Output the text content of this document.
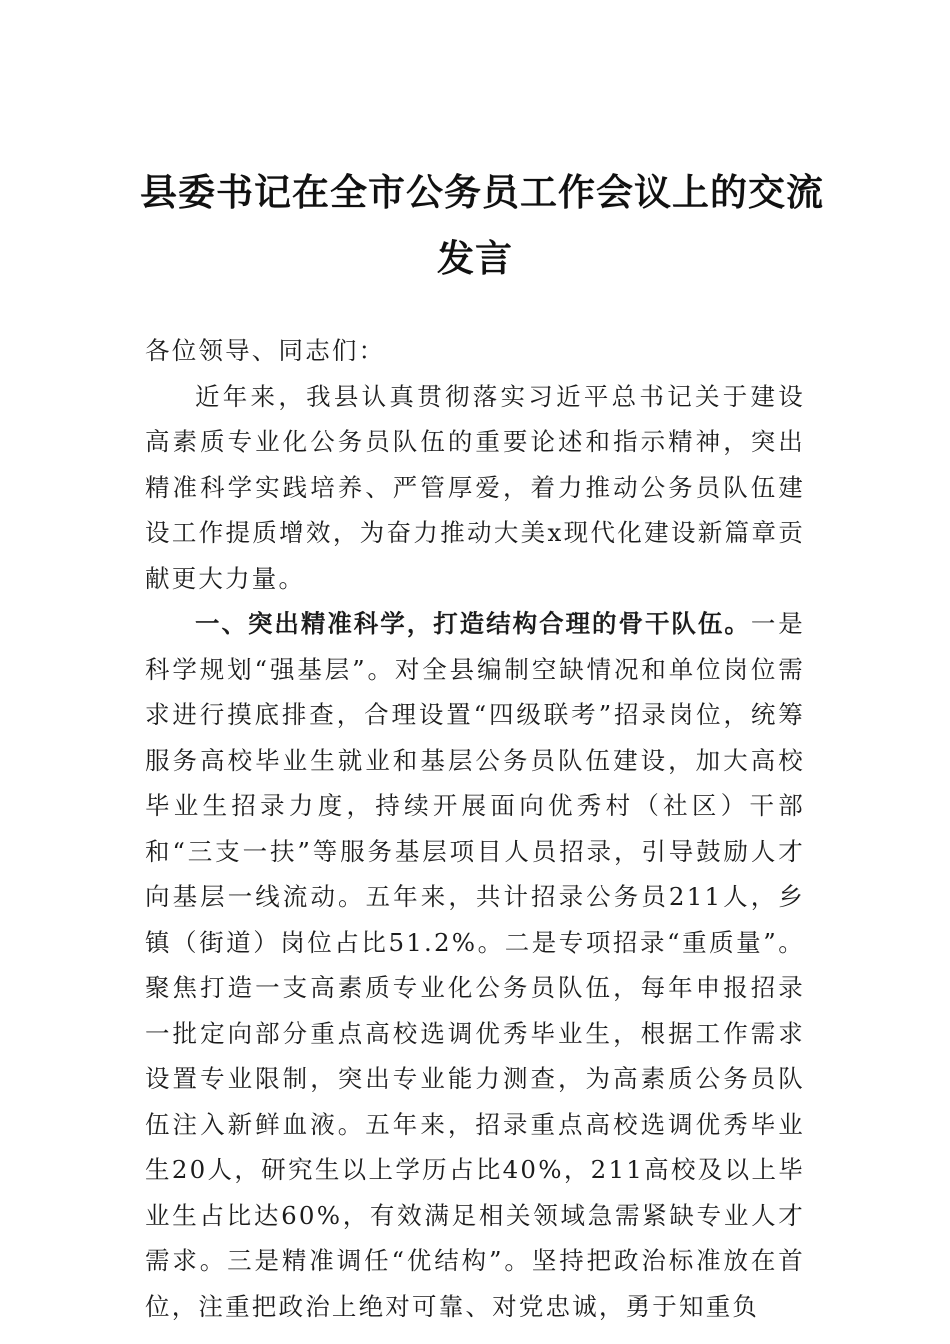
县委书记在全市公务员工作会议上的交流
发言

各位领导、同志们：

近年来，我县认真贯彻落实习近平总书记关于建设高素质专业化公务员队伍的重要论述和指示精神，突出精准科学实践培养、严管厚爱，着力推动公务员队伍建设工作提质增效，为奋力推动大美x现代化建设新篇章贡献更大力量。

一、突出精准科学，打造结构合理的骨干队伍。一是科学规划“强基层”。对全县编制空缺情况和单位岗位需求进行摸底排查，合理设置“四级联考”招录岗位，统筹服务高校毕业生就业和基层公务员队伍建设，加大高校毕业生招录力度，持续开展面向优秀村（社区）干部和“三支一扶”等服务基层项目人员招录，引导鼓励人才向基层一线流动。五年来，共计招录公务员211人，乡镇（街道）岗位占比51.2%。二是专项招录“重质量”。聚焦打造一支高素质专业化公务员队伍，每年申报招录一批定向部分重点高校选调优秀毕业生，根据工作需求设置专业限制，突出专业能力测查，为高素质公务员队伍注入新鲜血液。五年来，招录重点高校选调优秀毕业生20人，研究生以上学历占比40%，211高校及以上毕业生占比达60%，有效满足相关领域急需紧缺专业人才需求。三是精准调任“优结构”。坚持把政治标准放在首位，注重把政治上绝对可靠、对党忠诚，勇于知重负
